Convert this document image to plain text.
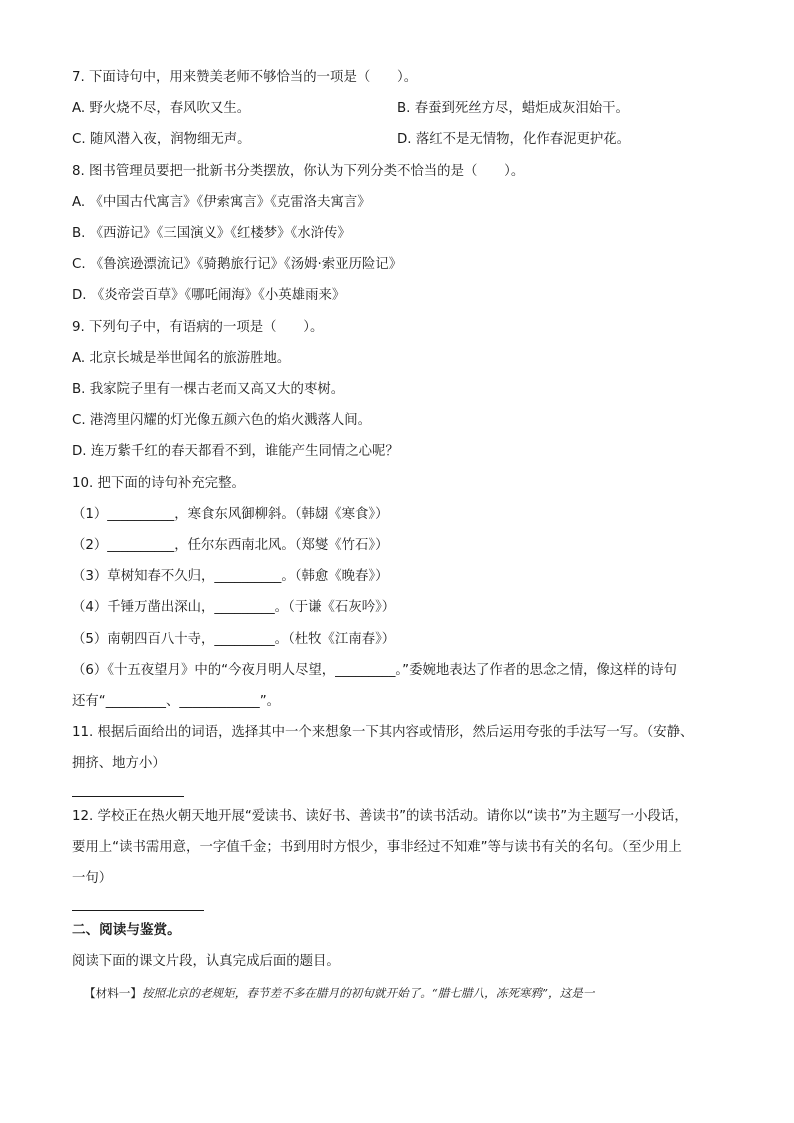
7. 下面诗句中，用来赞美老师不够恰当的一项是（　　）。
A. 野火烧不尽，春风吹又生。	B. 春蚕到死丝方尽，蜡炬成灰泪始干。
C. 随风潜入夜，润物细无声。	D. 落红不是无情物，化作春泥更护花。
8. 图书管理员要把一批新书分类摆放，你认为下列分类不恰当的是（　　）。
A. 《中国古代寓言》《伊索寓言》《克雷洛夫寓言》
B. 《西游记》《三国演义》《红楼梦》《水浒传》
C. 《鲁滨逊漂流记》《骑鹅旅行记》《汤姆·索亚历险记》
D. 《炎帝尝百草》《哪吒闹海》《小英雄雨来》
9. 下列句子中，有语病的一项是（　　）。
A. 北京长城是举世闻名的旅游胜地。
B. 我家院子里有一棵古老而又高又大的枣树。
C. 港湾里闪耀的灯光像五颜六色的焰火溅落人间。
D. 连万紫千红的春天都看不到，谁能产生同情之心呢？
10. 把下面的诗句补充完整。
（1）__________，寒食东风御柳斜。（韩翃《寒食》）
（2）__________，任尔东西南北风。（郑燮《竹石》）
（3）草树知春不久归，__________。（韩愈《晚春》）
（4）千锤万凿出深山，_________。（于谦《石灰吟》）
（5）南朝四百八十寺，_________。（杜牧《江南春》）
（6）《十五夜望月》中的“今夜月明人尽望，_________。”委婉地表达了作者的思念之情，像这样的诗句
还有“_________、____________”。
11. 根据后面给出的词语，选择其中一个来想象一下其内容或情形，然后运用夸张的手法写一写。（安静、
拥挤、地方小）
12. 学校正在热火朝天地开展“爱读书、读好书、善读书”的读书活动。请你以“读书”为主题写一小段话，
要用上“读书需用意，一字值千金；书到用时方恨少，事非经过不知难”等与读书有关的名句。（至少用上
一句）
二、阅读与鉴赏。
阅读下面的课文片段，认真完成后面的题目。
【材料一】按照北京的老规矩，春节差不多在腊月的初旬就开始了。“腊七腊八，冻死寒鸦”，这是一
